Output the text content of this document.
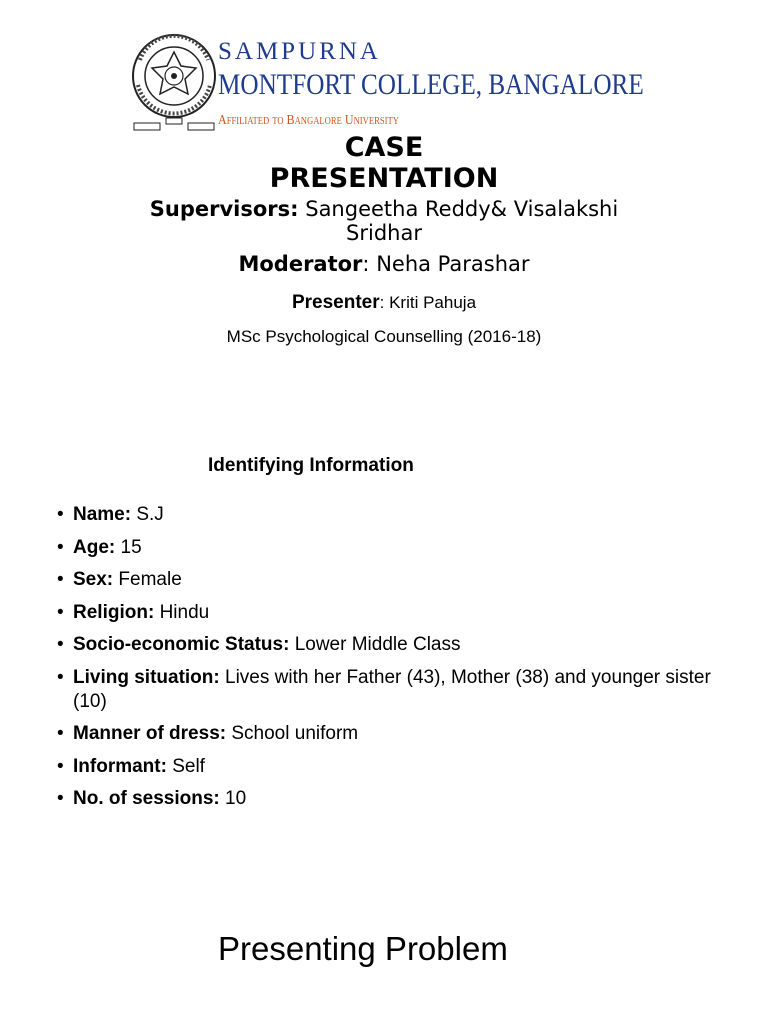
SAMPURNA
MONTFORT COLLEGE, BANGALORE
Affiliated to Bangalore University
CASE
PRESENTATION
Supervisors: Sangeetha Reddy& Visalakshi Sridhar
Moderator: Neha Parashar
Presenter: Kriti Pahuja
MSc Psychological Counselling (2016-18)
Identifying Information
• Name: S.J
• Age: 15
• Sex: Female
• Religion: Hindu
• Socio-economic Status: Lower Middle Class
• Living situation: Lives with her Father (43), Mother (38) and younger sister (10)
• Manner of dress: School uniform
• Informant: Self
• No. of sessions: 10
Presenting Problem
